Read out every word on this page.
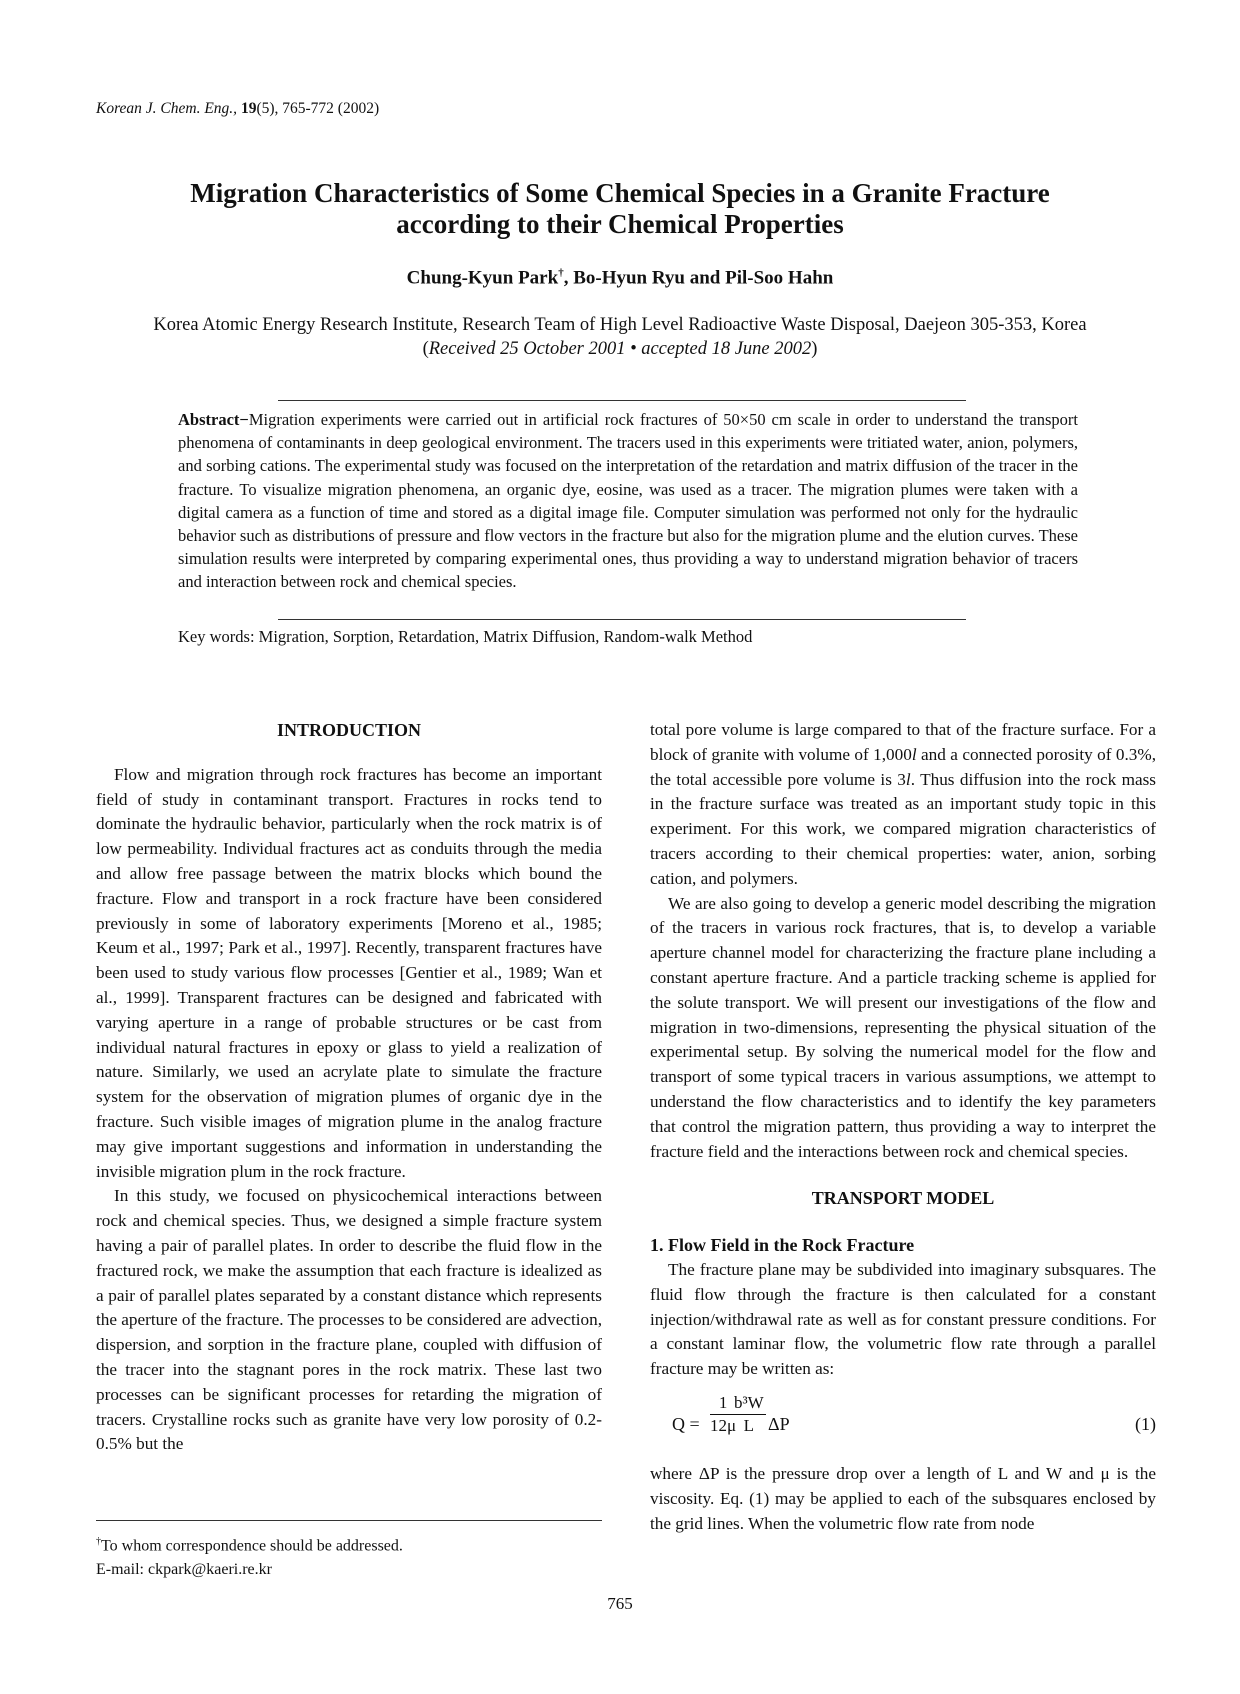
Korean J. Chem. Eng., 19(5), 765-772 (2002)
Migration Characteristics of Some Chemical Species in a Granite Fracture
according to their Chemical Properties
Chung-Kyun Park†, Bo-Hyun Ryu and Pil-Soo Hahn
Korea Atomic Energy Research Institute, Research Team of High Level Radioactive Waste Disposal, Daejeon 305-353, Korea
(Received 25 October 2001 • accepted 18 June 2002)
Abstract−Migration experiments were carried out in artificial rock fractures of 50×50 cm scale in order to understand the transport phenomena of contaminants in deep geological environment. The tracers used in this experiments were tritiated water, anion, polymers, and sorbing cations. The experimental study was focused on the interpretation of the retardation and matrix diffusion of the tracer in the fracture. To visualize migration phenomena, an organic dye, eosine, was used as a tracer. The migration plumes were taken with a digital camera as a function of time and stored as a digital image file. Computer simulation was performed not only for the hydraulic behavior such as distributions of pressure and flow vectors in the fracture but also for the migration plume and the elution curves. These simulation results were interpreted by comparing experimental ones, thus providing a way to understand migration behavior of tracers and interaction between rock and chemical species.
Key words: Migration, Sorption, Retardation, Matrix Diffusion, Random-walk Method
INTRODUCTION

Flow and migration through rock fractures has become an important field of study in contaminant transport. Fractures in rocks tend to dominate the hydraulic behavior, particularly when the rock matrix is of low permeability. Individual fractures act as conduits through the media and allow free passage between the matrix blocks which bound the fracture. Flow and transport in a rock fracture have been considered previously in some of laboratory experiments [Moreno et al., 1985; Keum et al., 1997; Park et al., 1997]. Recently, transparent fractures have been used to study various flow processes [Gentier et al., 1989; Wan et al., 1999]. Transparent fractures can be designed and fabricated with varying aperture in a range of probable structures or be cast from individual natural fractures in epoxy or glass to yield a realization of nature. Similarly, we used an acrylate plate to simulate the fracture system for the observation of migration plumes of organic dye in the fracture. Such visible images of migration plume in the analog fracture may give important suggestions and information in understanding the invisible migration plum in the rock fracture.

In this study, we focused on physicochemical interactions between rock and chemical species. Thus, we designed a simple fracture system having a pair of parallel plates. In order to describe the fluid flow in the fractured rock, we make the assumption that each fracture is idealized as a pair of parallel plates separated by a constant distance which represents the aperture of the fracture. The processes to be considered are advection, dispersion, and sorption in the fracture plane, coupled with diffusion of the tracer into the stagnant pores in the rock matrix. These last two processes can be significant processes for retarding the migration of tracers. Crystalline rocks such as granite have very low porosity of 0.2-0.5% but the

total pore volume is large compared to that of the fracture surface. For a block of granite with volume of 1,000l and a connected porosity of 0.3%, the total accessible pore volume is 3l. Thus diffusion into the rock mass in the fracture surface was treated as an important study topic in this experiment. For this work, we compared migration characteristics of tracers according to their chemical properties: water, anion, sorbing cation, and polymers.

We are also going to develop a generic model describing the migration of the tracers in various rock fractures, that is, to develop a variable aperture channel model for characterizing the fracture plane including a constant aperture fracture. And a particle tracking scheme is applied for the solute transport. We will present our investigations of the flow and migration in two-dimensions, representing the physical situation of the experimental setup. By solving the numerical model for the flow and transport of some typical tracers in various assumptions, we attempt to understand the flow characteristics and to identify the key parameters that control the migration pattern, thus providing a way to interpret the fracture field and the interactions between rock and chemical species.

TRANSPORT MODEL
1. Flow Field in the Rock Fracture

The fracture plane may be subdivided into imaginary subsquares. The fluid flow through the fracture is then calculated for a constant injection/withdrawal rate as well as for constant pressure conditions. For a constant laminar flow, the volumetric flow rate through a parallel fracture may be written as:

$Q = \frac{1}{12\mu}$
$\frac{\text{b³W}}{L}$ ΔP	(1)

where ΔP is the pressure drop over a length of L and W and μ is the viscosity. Eq. (1) may be applied to each of the subsquares enclosed by the grid lines. When the volumetric flow rate from node

†To whom correspondence should be addressed.
E-mail: ckpark@kaeri.re.kr
765
